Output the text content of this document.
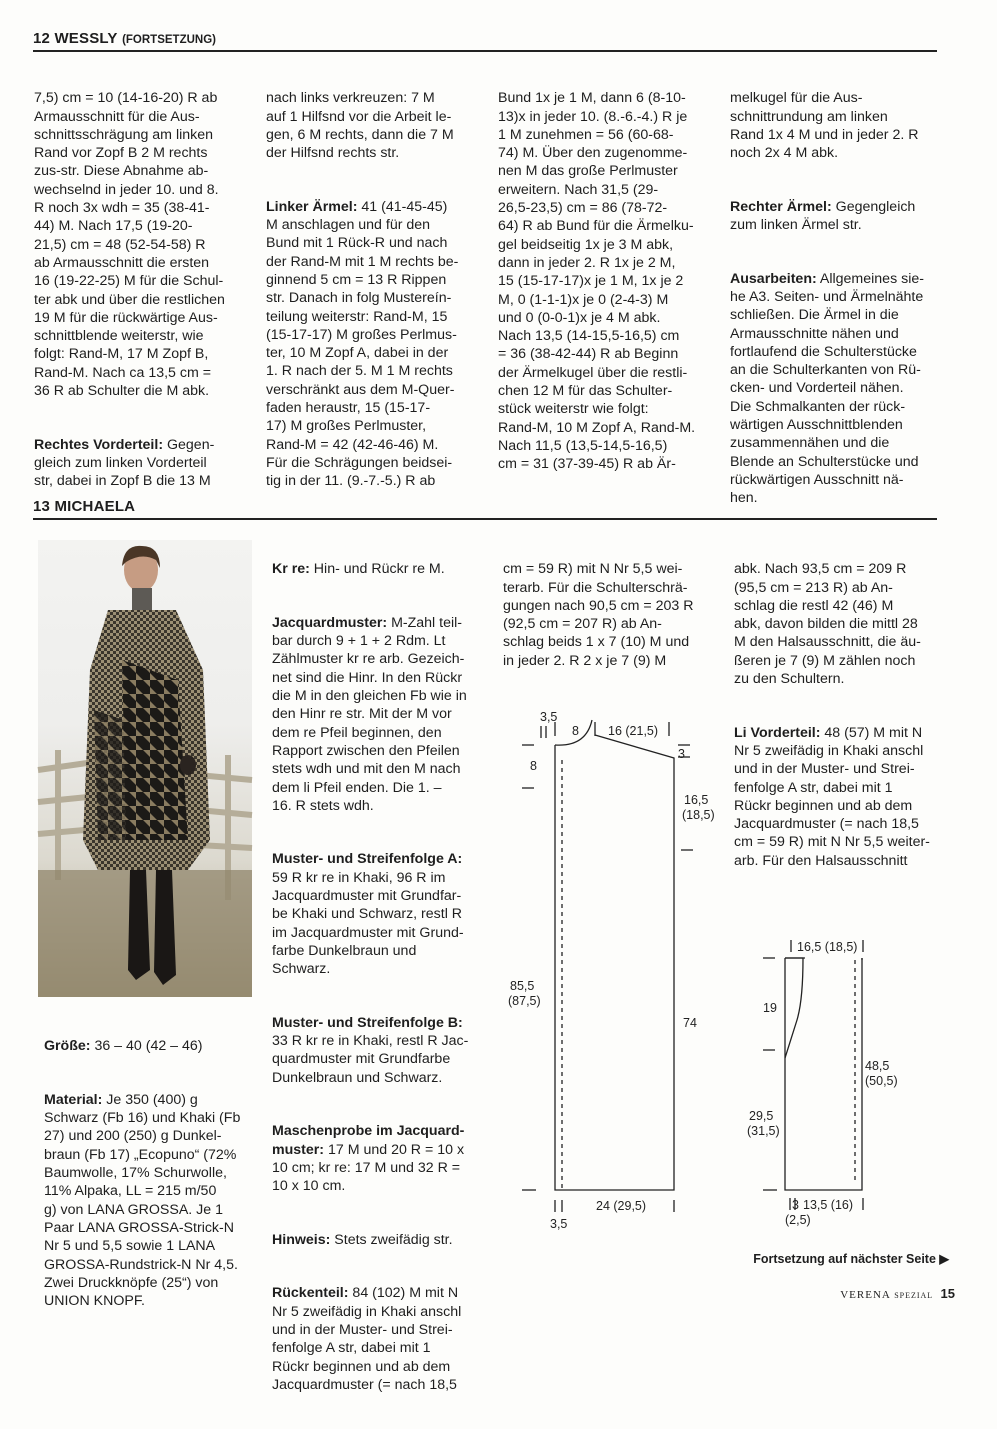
12 WESSLY (FORTSETZUNG)

7,5) cm = 10 (14-16-20) R ab
Armausschnitt für die Aus-
schnittsschrägung am linken
Rand vor Zopf B 2 M rechts
zus-str. Diese Abnahme ab-
wechselnd in jeder 10. und 8.
R noch 3x wdh = 35 (38-41-
44) M. Nach 17,5 (19-20-
21,5) cm = 48 (52-54-58) R
ab Armausschnitt die ersten
16 (19-22-25) M für die Schul-
ter abk und über die restlichen
19 M für die rückwärtige Aus-
schnittblende weiterstr, wie
folgt: Rand-M, 17 M Zopf B,
Rand-M. Nach ca 13,5 cm =
36 R ab Schulter die M abk.

Rechtes Vorderteil: Gegen-
gleich zum linken Vorderteil
str, dabei in Zopf B die 13 M

nach links verkreuzen: 7 M
auf 1 Hilfsnd vor die Arbeit le-
gen, 6 M rechts, dann die 7 M
der Hilfsnd rechts str.

Linker Ärmel: 41 (41-45-45)
M anschlagen und für den
Bund mit 1 Rück-R und nach
der Rand-M mit 1 M rechts be-
ginnend 5 cm = 13 R Rippen
str. Danach in folg Mustereín-
teilung weiterstr: Rand-M, 15
(15-17-17) M großes Perlmus-
ter, 10 M Zopf A, dabei in der
1. R nach der 5. M 1 M rechts
verschränkt aus dem M-Quer-
faden heraustr, 15 (15-17-
17) M großes Perlmuster,
Rand-M = 42 (42-46-46) M.
Für die Schrägungen beidsei-
tig in der 11. (9.-7.-5.) R ab

Bund 1x je 1 M, dann 6 (8-10-
13)x in jeder 10. (8.-6.-4.) R je
1 M zunehmen = 56 (60-68-
74) M. Über den zugenommе-
nen M das große Perlmuster
erweitern. Nach 31,5 (29-
26,5-23,5) cm = 86 (78-72-
64) R ab Bund für die Ärmelku-
gel beidseitig 1x je 3 M abk,
dann in jeder 2. R 1x je 2 M,
15 (15-17-17)x je 1 M, 1x je 2
M, 0 (1-1-1)x je 0 (2-4-3) M
und 0 (0-0-1)x je 4 M abk.
Nach 13,5 (14-15,5-16,5) cm
= 36 (38-42-44) R ab Beginn
der Ärmelkugel über die restli-
chen 12 M für das Schulter-
stück weiterstr wie folgt:
Rand-M, 10 M Zopf A, Rand-M.
Nach 11,5 (13,5-14,5-16,5)
cm = 31 (37-39-45) R ab Är-

melkugel für die Aus-
schnittrundung am linken
Rand 1x 4 M und in jeder 2. R
noch 2x 4 M abk.

Rechter Ärmel: Gegengleich
zum linken Ärmel str.

Ausarbeiten: Allgemeines sie-
he A3. Seiten- und Ärmelnähte
schließen. Die Ärmel in die
Armausschnitte nähen und
fortlaufend die Schulterstücke
an die Schulterkanten von Rü-
cken- und Vorderteil nähen.
Die Schmalkanten der rück-
wärtigen Ausschnittblenden
zusammennähen und die
Blende an Schulterstücke und
rückwärtigen Ausschnitt nä-
hen.

13 MICHAELA

Größe: 36 – 40 (42 – 46)

Material: Je 350 (400) g
Schwarz (Fb 16) und Khaki (Fb
27) und 200 (250) g Dunkel-
braun (Fb 17) „Ecopuno“ (72%
Baumwolle, 17% Schurwolle,
11% Alpaka, LL = 215 m/50
g) von LANA GROSSA. Je 1
Paar LANA GROSSA-Strick-N
Nr 5 und 5,5 sowie 1 LANA
GROSSA-Rundstrick-N Nr 4,5.
Zwei Druckknöpfe (25“) von
UNION KNOPF.

Kr re: Hin- und Rückr re M.

Jacquardmuster: M-Zahl teil-
bar durch 9 + 1 + 2 Rdm. Lt
Zählmuster kr re arb. Gezeich-
net sind die Hinr. In den Rückr
die M in den gleichen Fb wie in
den Hinr re str. Mit der M vor
dem re Pfeil beginnen, den
Rapport zwischen den Pfeilen
stets wdh und mit den M nach
dem li Pfeil enden. Die 1. –
16. R stets wdh.

Muster- und Streifenfolge A:
59 R kr re in Khaki, 96 R im
Jacquardmuster mit Grundfar-
be Khaki und Schwarz, restl R
im Jacquardmuster mit Grund-
farbe Dunkelbraun und
Schwarz.

Muster- und Streifenfolge B:
33 R kr re in Khaki, restl R Jac-
quardmuster mit Grundfarbe
Dunkelbraun und Schwarz.

Maschenprobe im Jacquard-
muster: 17 M und 20 R = 10 x
10 cm; kr re: 17 M und 32 R =
10 x 10 cm.

Hinweis: Stets zweifädig str.

Rückenteil: 84 (102) M mit N
Nr 5 zweifädig in Khaki anschl
und in der Muster- und Strei-
fenfolge A str, dabei mit 1
Rückr beginnen und ab dem
Jacquardmuster (= nach 18,5

cm = 59 R) mit N Nr 5,5 wei-
terarb. Für die Schulterschrä-
gungen nach 90,5 cm = 203 R
(92,5 cm = 207 R) ab An-
schlag beids 1 x 7 (10) M und
in jeder 2. R 2 x je 7 (9) M

abk. Nach 93,5 cm = 209 R
(95,5 cm = 213 R) ab An-
schlag die restl 42 (46) M
abk, davon bilden die mittl 28
M den Halsausschnitt, die äu-
ßeren je 7 (9) M zählen noch
zu den Schultern.

Li Vorderteil: 48 (57) M mit N
Nr 5 zweifädig in Khaki anschl
und in der Muster- und Strei-
fenfolge A str, dabei mit 1
Rückr beginnen und ab dem
Jacquardmuster (= nach 18,5
cm = 59 R) mit N Nr 5,5 weiter-
arb. Für den Halsausschnitt

3,5
8 16 (21,5)
3
8
16,5
(18,5)
85,5
(87,5)
74
24 (29,5)
3,5
16,5 (18,5)
19
48,5
(50,5)
29,5
(31,5)
3 13,5 (16)
(2,5)
Fortsetzung auf nächster Seite ▶
VERENA SPEZIAL 15
